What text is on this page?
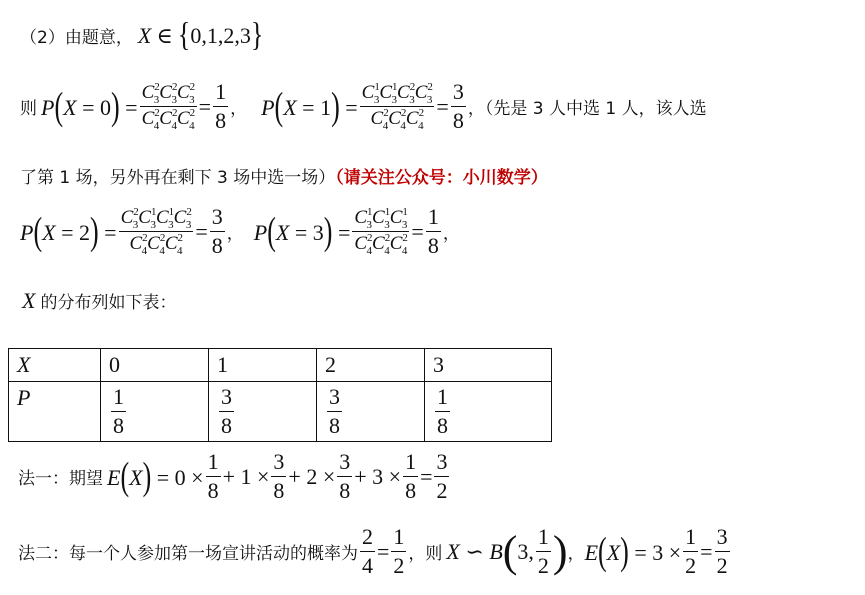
（2）由题意， X ∈ {0,1,2,3}
则 $P(X = 0) = \frac{C^2_3C^2_3C^2_3}{C^2_4C^2_4C^2_4} = \frac{1}{8}$ ， $P(X = 1) = \frac{C^1_3C^1_3C^2_3C^2_3}{C^2_4C^2_4C^2_4} = \frac{3}{8}$ ，（先是 3 人中选 1 人，该人选
了第 1 场，另外再在剩下 3 场中选一场）（请关注公众号：小川数学）
$P(X = 2) = \frac{C^2_3C^1_3C^1_3C^2_3}{C^2_4C^2_4C^2_4} = \frac{3}{8}$ ， $P(X = 3) = \frac{C^1_3C^1_3C^1_3}{C^2_4C^2_4C^2_4} = \frac{1}{8}$ ，
X 的分布列如下表：
X	0	1	2	3
P	$\frac{1}{8}$	$\frac{3}{8}$	$\frac{3}{8}$	$\frac{1}{8}$
法一：期望 $E(X) = 0 \times \frac{1}{8} + 1 \times \frac{3}{8} + 2 \times \frac{3}{8} + 3 \times \frac{1}{8} = \frac{3}{2}$
法二：每一个人参加第一场宣讲活动的概率为 $\frac{2}{4} = \frac{1}{2}$ ，则 X ∽ B ( 3, $\frac{1}{2}$ ) ， $E(X) = 3 \times \frac{1}{2} = \frac{3}{2}$
